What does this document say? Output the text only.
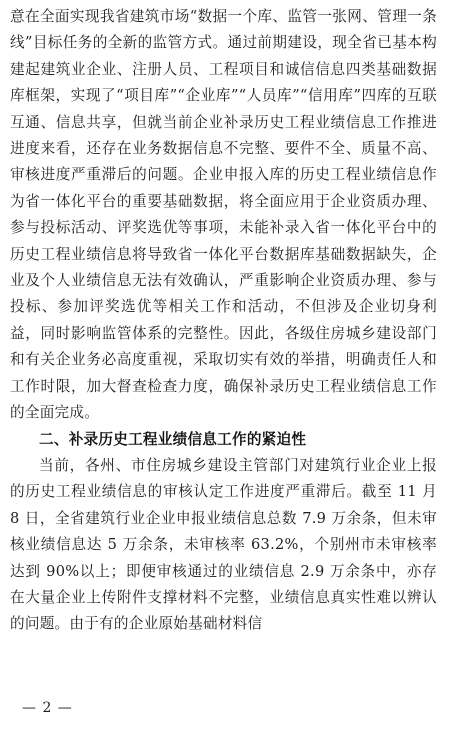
意在全面实现我省建筑市场“数据一个库、监管一张网、管理一条线”目标任务的全新的监管方式。通过前期建设，现全省已基本构建起建筑业企业、注册人员、工程项目和诚信信息四类基础数据库框架，实现了“项目库”“企业库”“人员库”“信用库”四库的互联互通、信息共享，但就当前企业补录历史工程业绩信息工作推进进度来看，还存在业务数据信息不完整、要件不全、质量不高、审核进度严重滞后的问题。企业申报入库的历史工程业绩信息作为省一体化平台的重要基础数据，将全面应用于企业资质办理、参与投标活动、评奖选优等事项，未能补录入省一体化平台中的历史工程业绩信息将导致省一体化平台数据库基础数据缺失，企业及个人业绩信息无法有效确认，严重影响企业资质办理、参与投标、参加评奖选优等相关工作和活动，不但涉及企业切身利益，同时影响监管体系的完整性。因此，各级住房城乡建设部门和有关企业务必高度重视，采取切实有效的举措，明确责任人和工作时限，加大督查检查力度，确保补录历史工程业绩信息工作的全面完成。

二、补录历史工程业绩信息工作的紧迫性

当前，各州、市住房城乡建设主管部门对建筑行业企业上报的历史工程业绩信息的审核认定工作进度严重滞后。截至 11 月 8 日，全省建筑行业企业申报业绩信息总数 7.9 万余条，但未审核业绩信息达 5 万余条，未审核率 63.2%，个别州市未审核率达到 90%以上；即便审核通过的业绩信息 2.9 万余条中，亦存在大量企业上传附件支撑材料不完整，业绩信息真实性难以辨认的问题。由于有的企业原始基础材料信

— 2 —
